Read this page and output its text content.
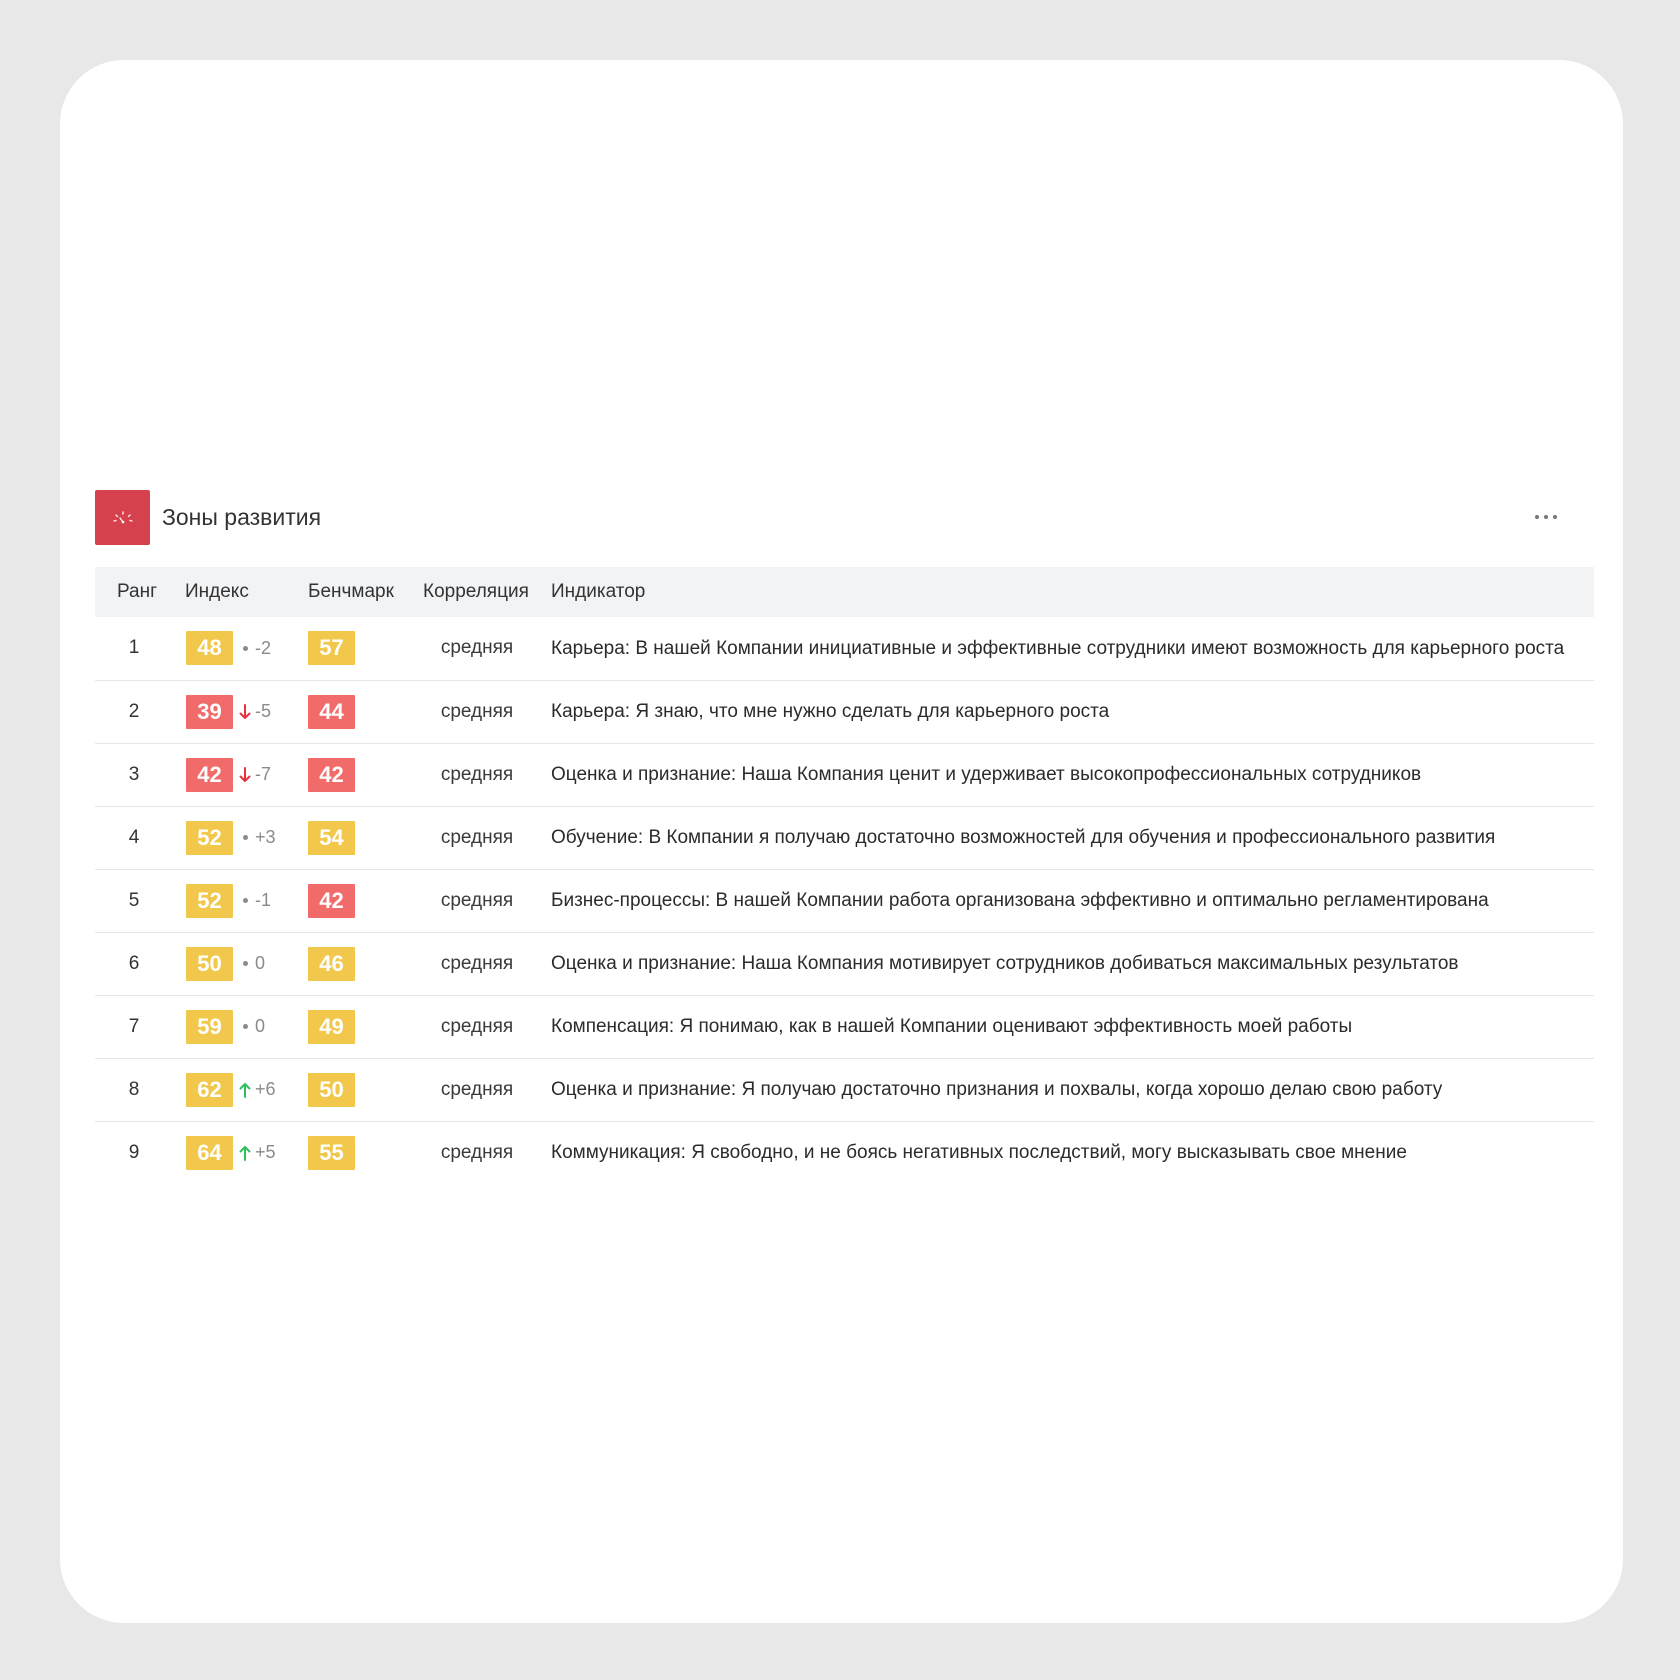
Зоны развития
Ранг	Индекс	Бенчмарк	Корреляция	Индикатор
1	48 -2	57	средняя	Карьера: В нашей Компании инициативные и эффективные сотрудники имеют возможность для карьерного роста
2	39 -5	44	средняя	Карьера: Я знаю, что мне нужно сделать для карьерного роста
3	42 -7	42	средняя	Оценка и признание: Наша Компания ценит и удерживает высокопрофессиональных сотрудников
4	52 +3	54	средняя	Обучение: В Компании я получаю достаточно возможностей для обучения и профессионального развития
5	52 -1	42	средняя	Бизнес-процессы: В нашей Компании работа организована эффективно и оптимально регламентирована
6	50 0	46	средняя	Оценка и признание: Наша Компания мотивирует сотрудников добиваться максимальных результатов
7	59 0	49	средняя	Компенсация: Я понимаю, как в нашей Компании оценивают эффективность моей работы
8	62 +6	50	средняя	Оценка и признание: Я получаю достаточно признания и похвалы, когда хорошо делаю свою работу
9	64 +5	55	средняя	Коммуникация: Я свободно, и не боясь негативных последствий, могу высказывать свое мнение
